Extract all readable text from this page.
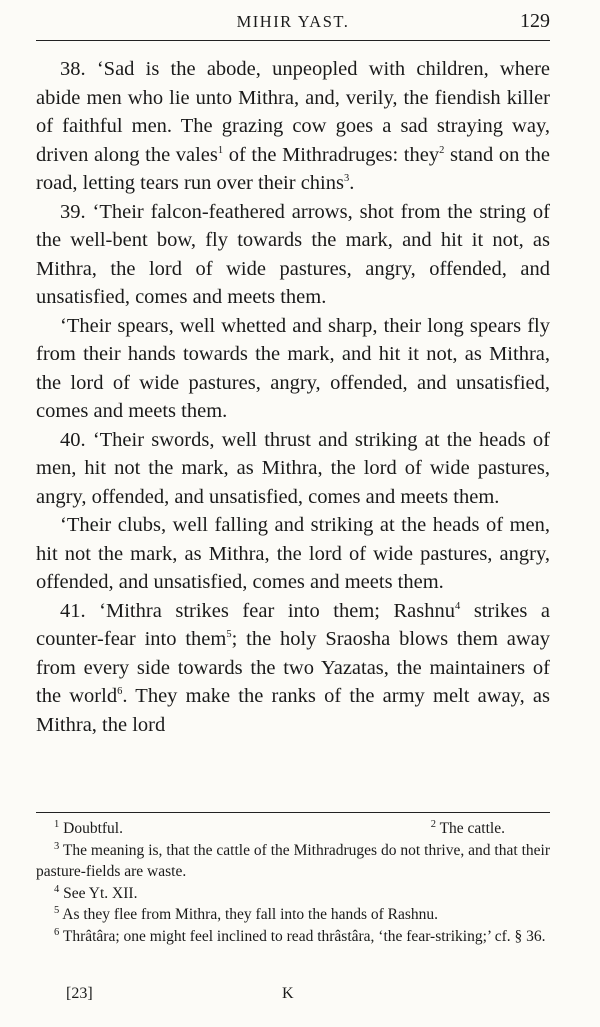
MIHIR YAST.	129

38. ‘Sad is the abode, unpeopled with children, where abide men who lie unto Mithra, and, verily, the fiendish killer of faithful men. The grazing cow goes a sad straying way, driven along the vales$^1$ of the Mithradruges: they$^2$ stand on the road, letting tears run over their chins$^3$.

39. ‘Their falcon-feathered arrows, shot from the string of the well-bent bow, fly towards the mark, and hit it not, as Mithra, the lord of wide pastures, angry, offended, and unsatisfied, comes and meets them.

‘Their spears, well whetted and sharp, their long spears fly from their hands towards the mark, and hit it not, as Mithra, the lord of wide pastures, angry, offended, and unsatisfied, comes and meets them.

40. ‘Their swords, well thrust and striking at the heads of men, hit not the mark, as Mithra, the lord of wide pastures, angry, offended, and unsatisfied, comes and meets them.

‘Their clubs, well falling and striking at the heads of men, hit not the mark, as Mithra, the lord of wide pastures, angry, offended, and unsatisfied, comes and meets them.

41. ‘Mithra strikes fear into them; Rashnu$^4$ strikes a counter-fear into them$^5$; the holy Sraosha blows them away from every side towards the two Yazatas, the maintainers of the world$^6$. They make the ranks of the army melt away, as Mithra, the lord

$^1$ Doubtful.	$^2$ The cattle.

$^3$ The meaning is, that the cattle of the Mithradruges do not thrive, and that their pasture-fields are waste.

$^4$ See Yt. XII.

$^5$ As they flee from Mithra, they fall into the hands of Rashnu.

$^6$ Thrâtâra; one might feel inclined to read thrâstâra, ‘the fear-striking;’ cf. § 36.

[23]	K
